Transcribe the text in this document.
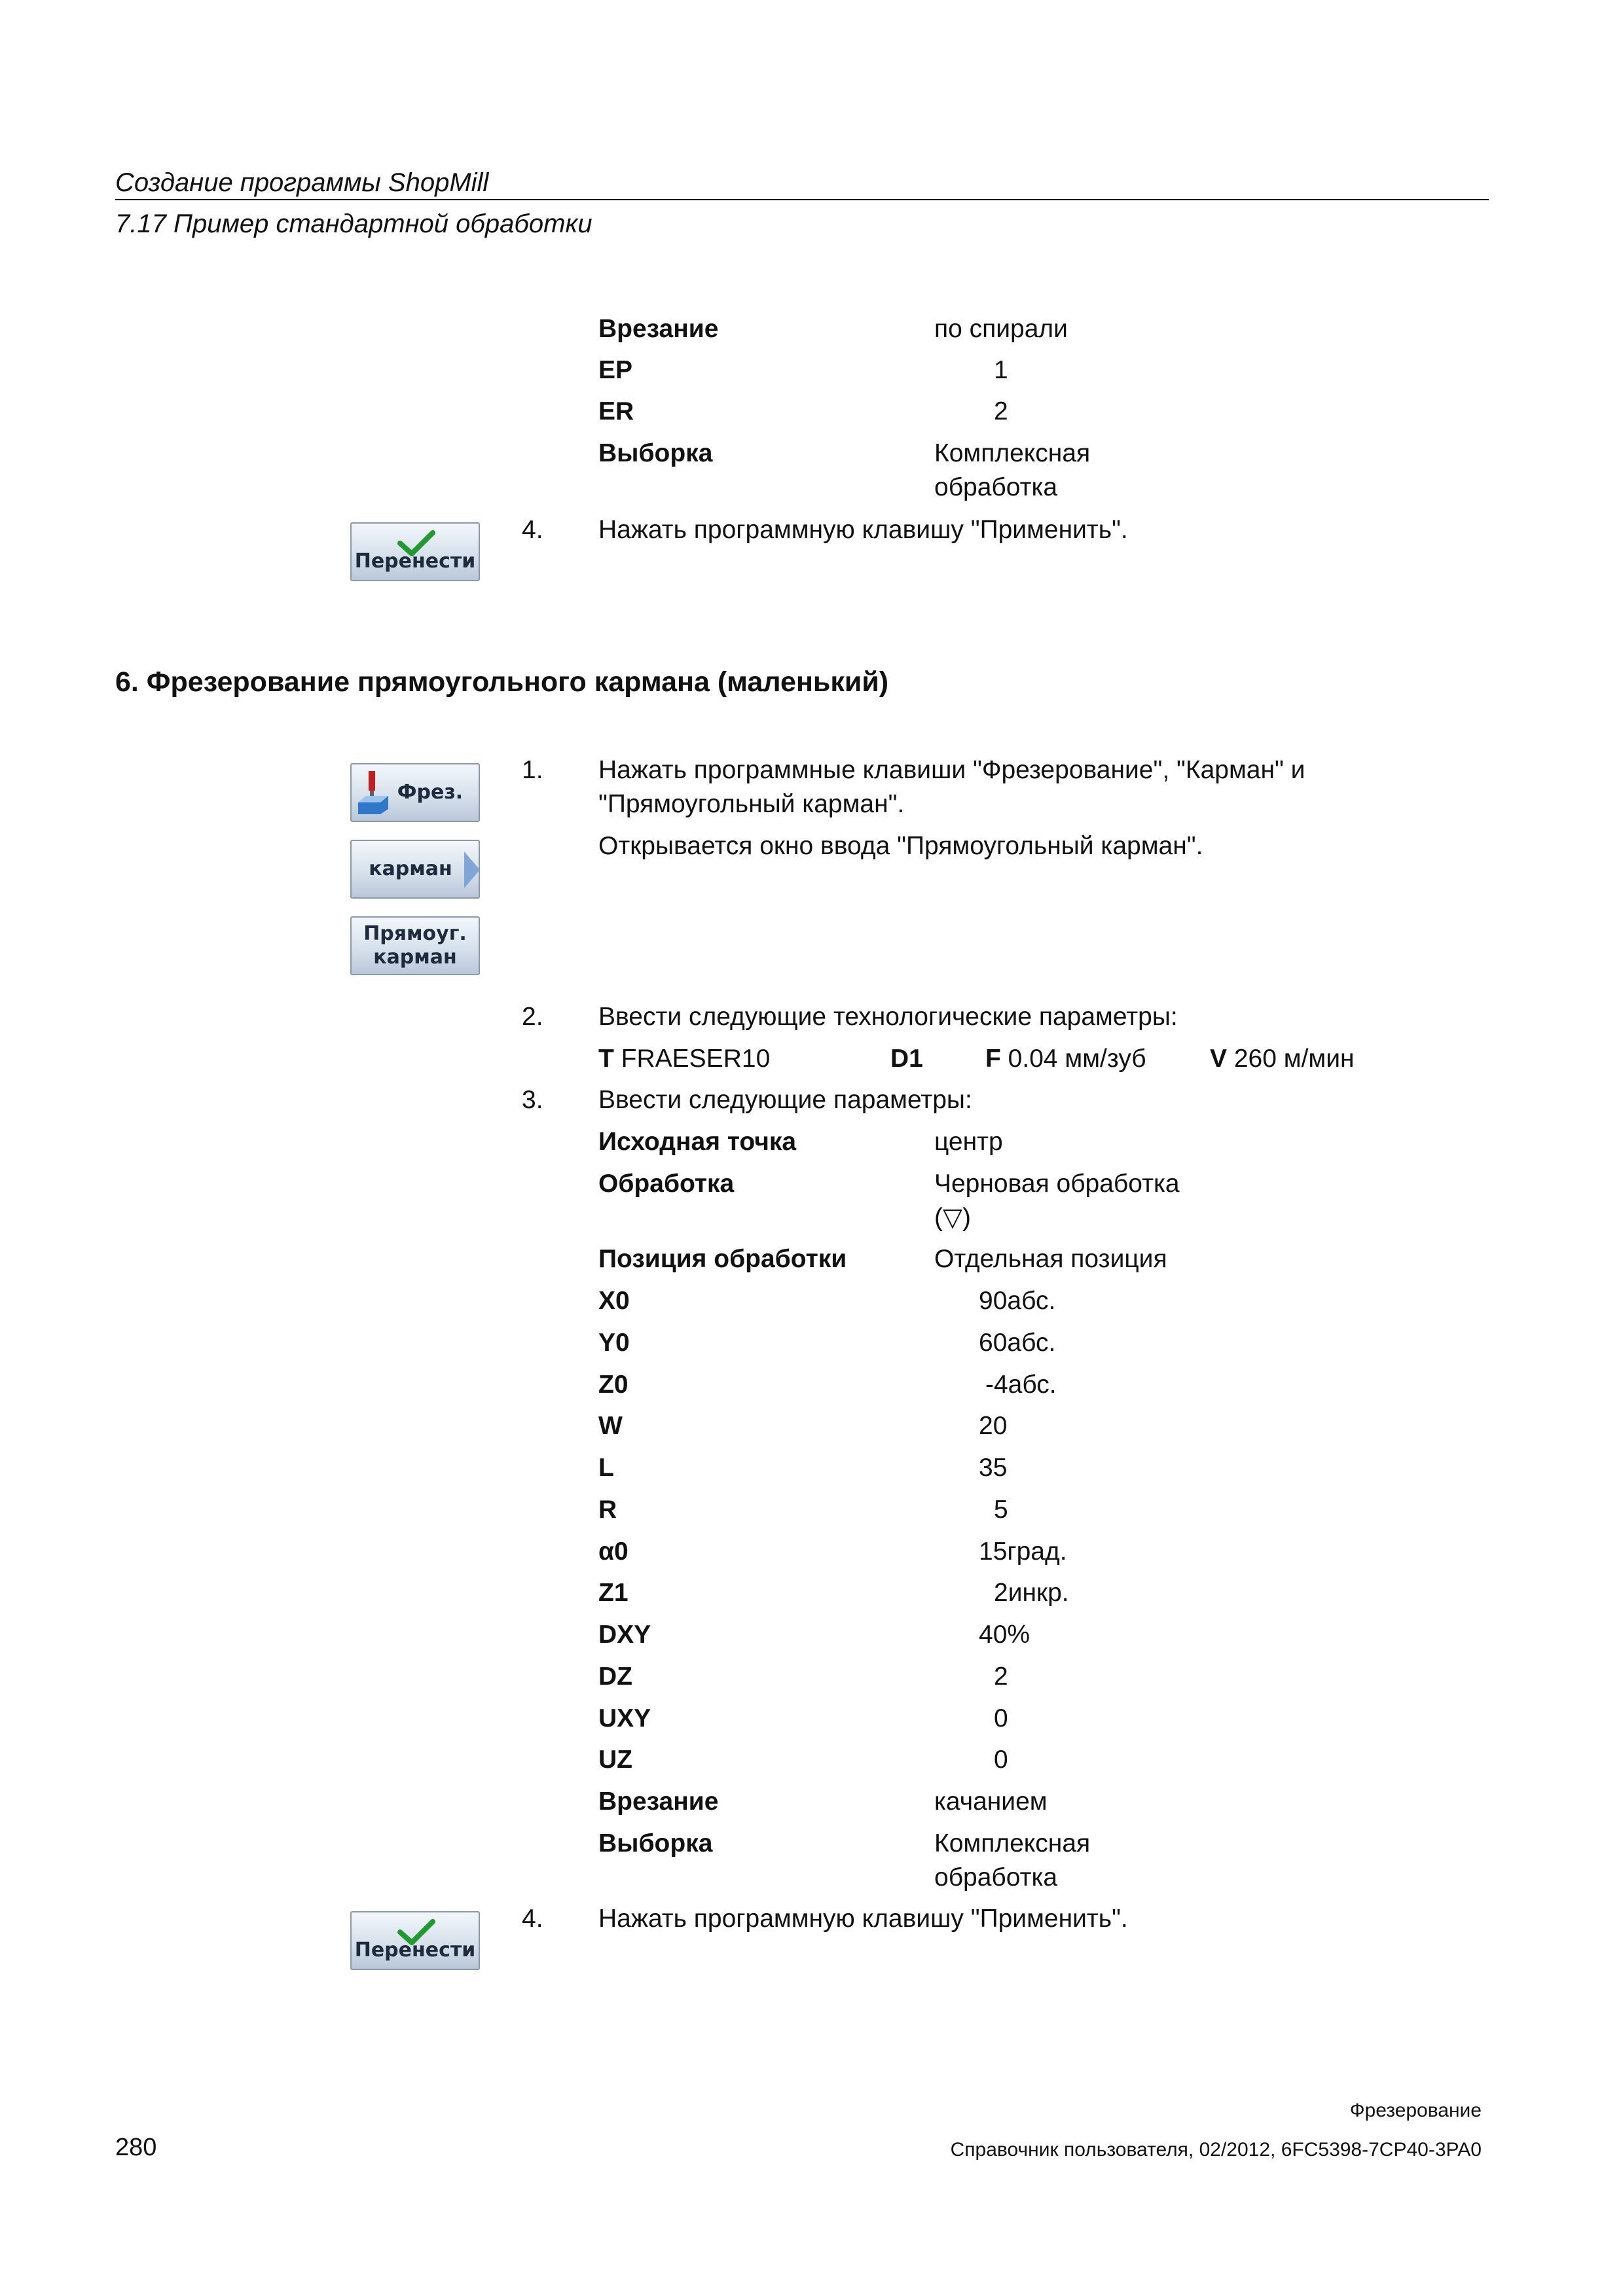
Создание программы ShopMill
7.17 Пример стандартной обработки
Врезание	по спирали
EP	1
ER	2
Выборка	Комплексная
обработка
Перенести
4. Нажать программную клавишу "Применить".
6. Фрезерование прямоугольного кармана (маленький)
Фрез.
карман
Прямоуг.
карман
1. Нажать программные клавиши "Фрезерование", "Карман" и
"Прямоугольный карман".
Открывается окно ввода "Прямоугольный карман".
2. Ввести следующие технологические параметры:
T FRAESER10	D1 F 0.04 мм/зуб V 260 м/мин
3. Ввести следующие параметры:
Исходная точка	центр
Обработка	Черновая обработка
(▽)
Позиция обработки	Отдельная позиция
X0	90абс.
Y0	60абс.
Z0	-4абс.
W	20
L	35
R	5
α0	15град.
Z1	2инкр.
DXY	40%
DZ	2
UXY	0
UZ	0
Врезание	качанием
Выборка	Комплексная
обработка
Перенести
4. Нажать программную клавишу "Применить".
Фрезерование
280	Справочник пользователя, 02/2012, 6FC5398-7CP40-3PA0
